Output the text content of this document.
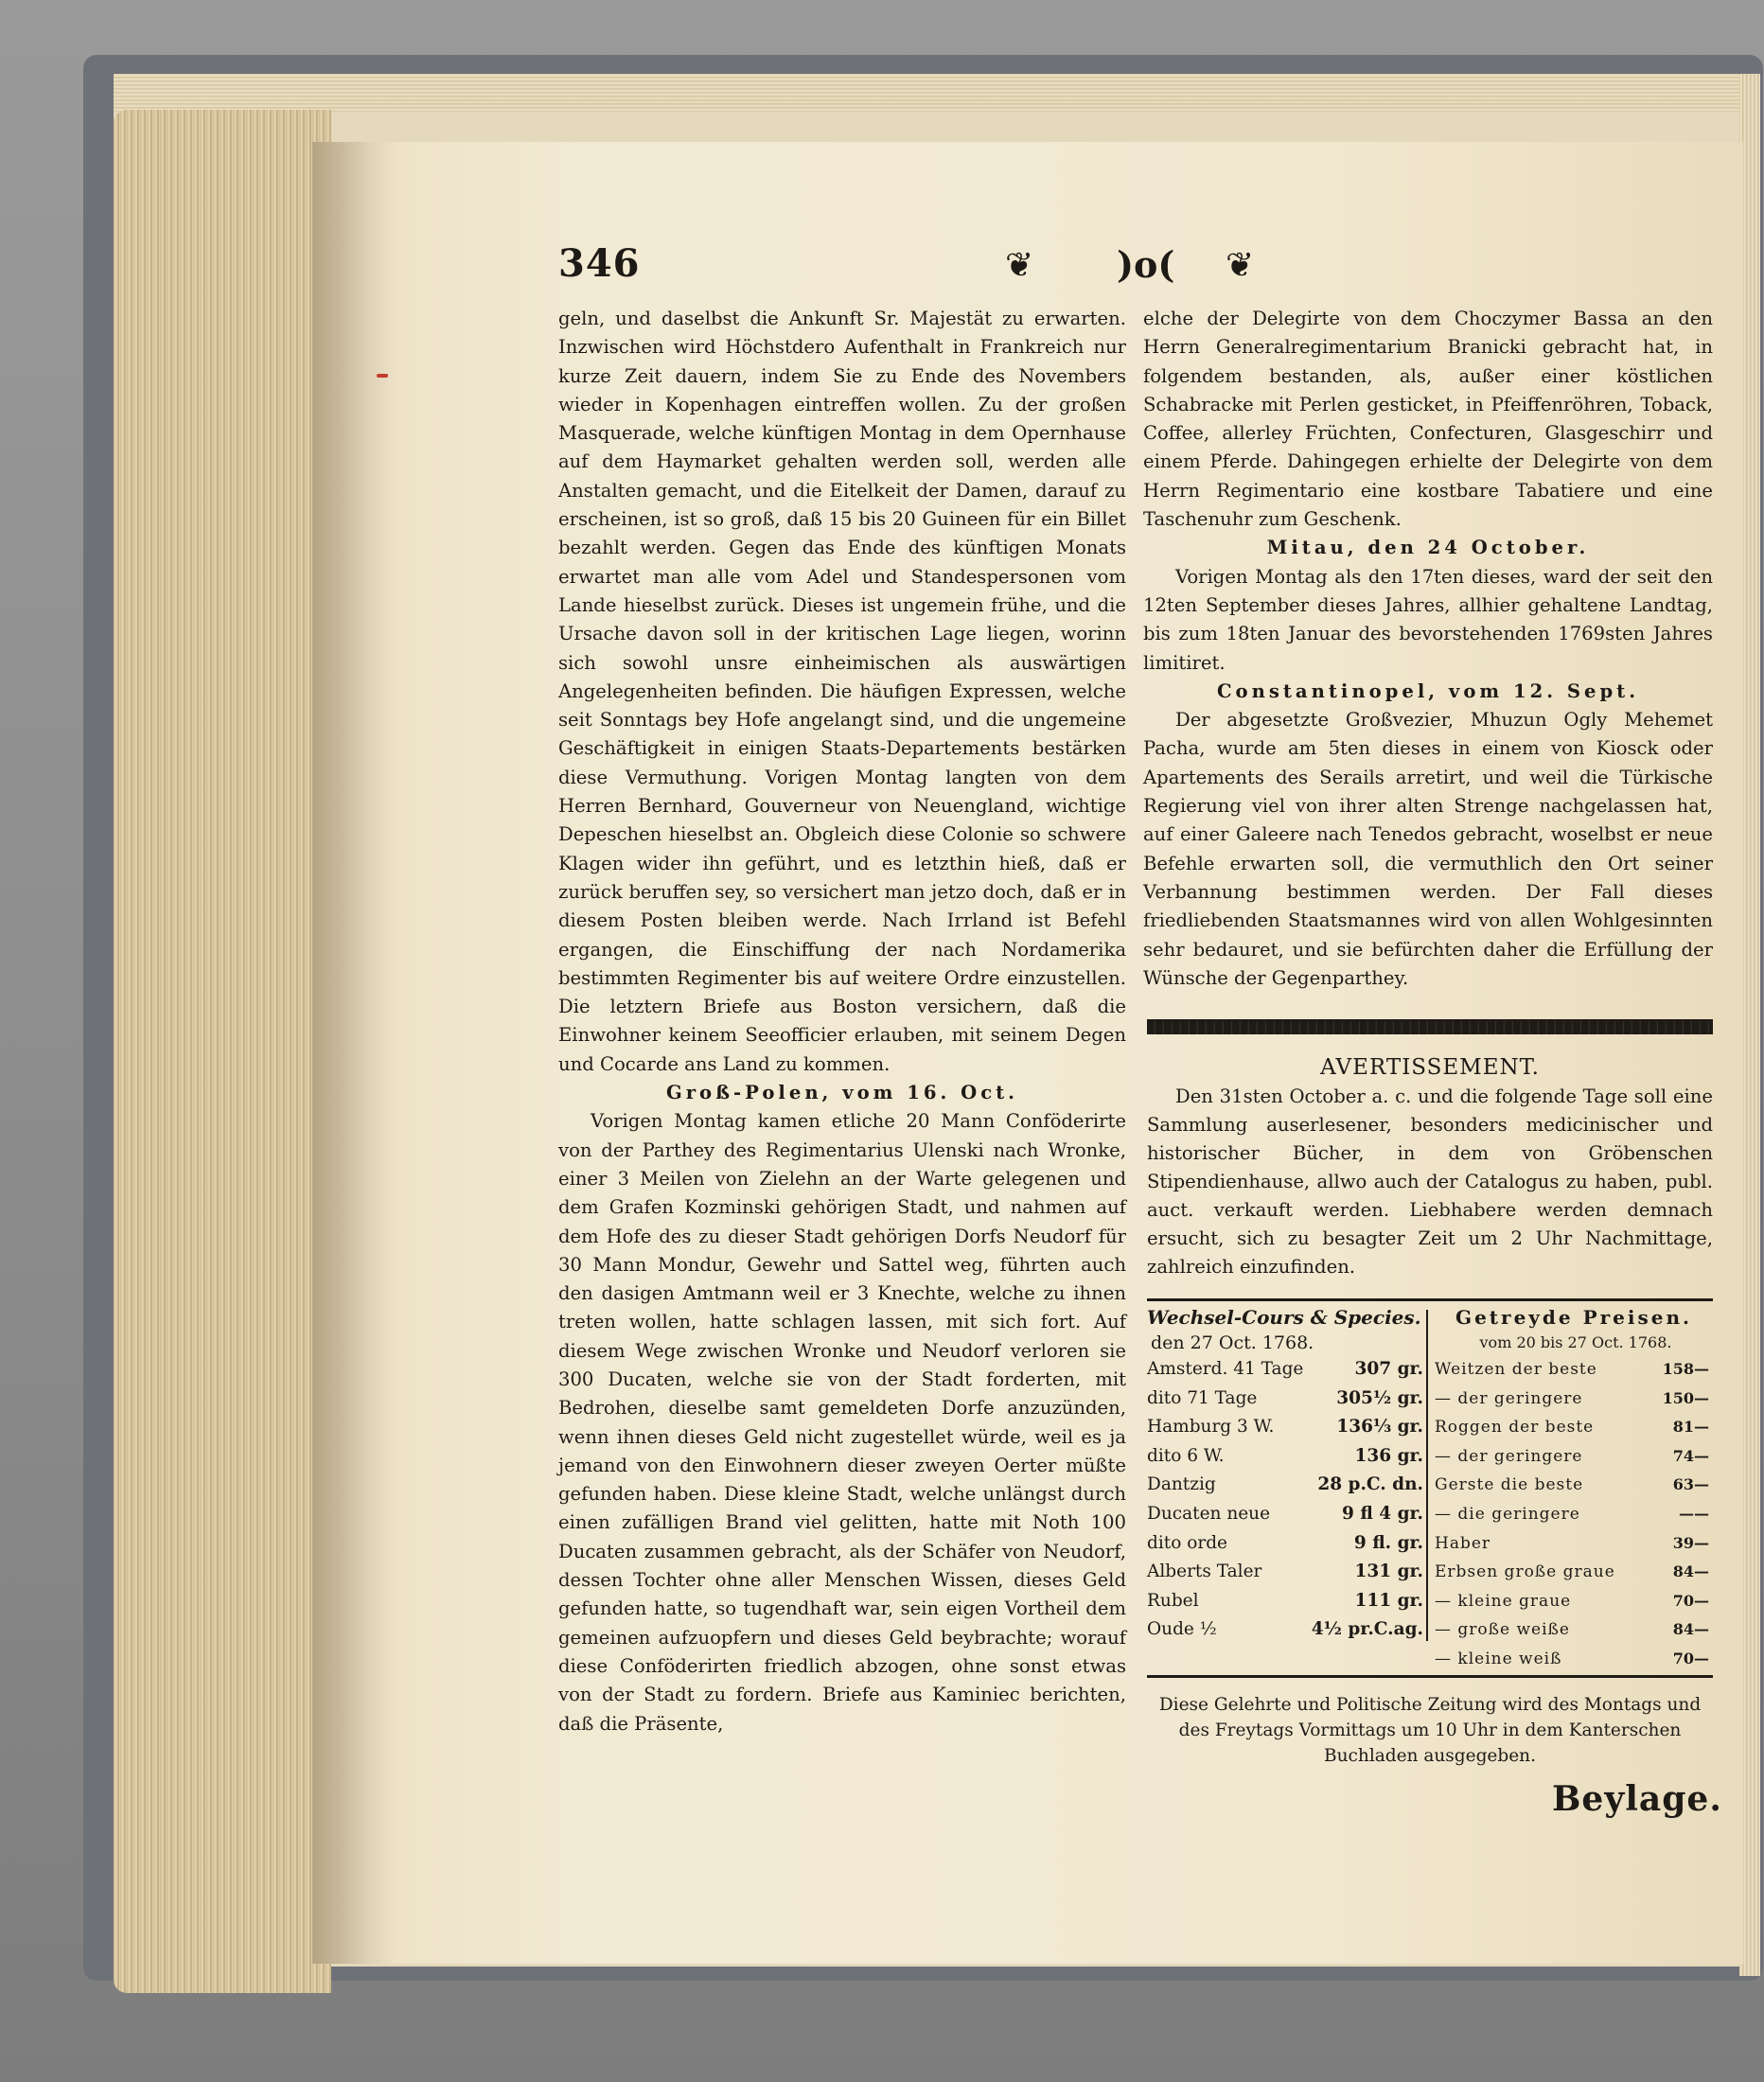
346	❦ )o( ❦

geln, und daselbst die Ankunft Sr. Majestät zu erwarten. Inzwischen wird Höchstdero Aufenthalt in Frankreich nur kurze Zeit dauern, indem Sie zu Ende des Novembers wieder in Kopenhagen eintreffen wollen. Zu der großen Masquerade, welche künftigen Montag in dem Opernhause auf dem Haymarket gehalten werden soll, werden alle Anstalten gemacht, und die Eitelkeit der Damen, darauf zu erscheinen, ist so groß, daß 15 bis 20 Guineen für ein Billet bezahlt werden. Gegen das Ende des künftigen Monats erwartet man alle vom Adel und Standespersonen vom Lande hieselbst zurück. Dieses ist ungemein frühe, und die Ursache davon soll in der kritischen Lage liegen, worinn sich sowohl unsre einheimischen als auswärtigen Angelegenheiten befinden. Die häufigen Expressen, welche seit Sonntags bey Hofe angelangt sind, und die ungemeine Geschäftigkeit in einigen Staats-Departements bestärken diese Vermuthung. Vorigen Montag langten von dem Herren Bernhard, Gouverneur von Neuengland, wichtige Depeschen hieselbst an. Obgleich diese Colonie so schwere Klagen wider ihn geführt, und es letzthin hieß, daß er zurück beruffen sey, so versichert man jetzo doch, daß er in diesem Posten bleiben werde. Nach Irrland ist Befehl ergangen, die Einschiffung der nach Nordamerika bestimmten Regimenter bis auf weitere Ordre einzustellen. Die letztern Briefe aus Boston versichern, daß die Einwohner keinem Seeofficier erlauben, mit seinem Degen und Cocarde ans Land zu kommen.

Groß-Polen, vom 16. Oct.

Vorigen Montag kamen etliche 20 Mann Conföderirte von der Parthey des Regimentarius Ulenski nach Wronke, einer 3 Meilen von Zielehn an der Warte gelegenen und dem Grafen Kozminski gehörigen Stadt, und nahmen auf dem Hofe des zu dieser Stadt gehörigen Dorfs Neudorf für 30 Mann Mondur, Gewehr und Sattel weg, führten auch den dasigen Amtmann weil er 3 Knechte, welche zu ihnen treten wollen, hatte schlagen lassen, mit sich fort. Auf diesem Wege zwischen Wronke und Neudorf verloren sie 300 Ducaten, welche sie von der Stadt forderten, mit Bedrohen, dieselbe samt gemeldeten Dorfe anzuzünden, wenn ihnen dieses Geld nicht zugestellet würde, weil es ja jemand von den Einwohnern dieser zweyen Oerter müßte gefunden haben. Diese kleine Stadt, welche unlängst durch einen zufälligen Brand viel gelitten, hatte mit Noth 100 Ducaten zusammen gebracht, als der Schäfer von Neudorf, dessen Tochter ohne aller Menschen Wissen, dieses Geld gefunden hatte, so tugendhaft war, sein eigen Vortheil dem gemeinen aufzuopfern und dieses Geld beybrachte; worauf diese Conföderirten friedlich abzogen, ohne sonst etwas von der Stadt zu fordern. Briefe aus Kaminiec berichten, daß die Präsente,

elche der Delegirte von dem Choczymer Bassa an den Herrn Generalregimentarium Branicki gebracht hat, in folgendem bestanden, als, außer einer köstlichen Schabracke mit Perlen gesticket, in Pfeiffenröhren, Toback, Coffee, allerley Früchten, Confecturen, Glasgeschirr und einem Pferde. Dahingegen erhielte der Delegirte von dem Herrn Regimentario eine kostbare Tabatiere und eine Taschenuhr zum Geschenk.

Mitau, den 24 October.

Vorigen Montag als den 17ten dieses, ward der seit den 12ten September dieses Jahres, allhier gehaltene Landtag, bis zum 18ten Januar des bevorstehenden 1769sten Jahres limitiret.

Constantinopel, vom 12. Sept.

Der abgesetzte Großvezier, Mhuzun Ogly Mehemet Pacha, wurde am 5ten dieses in einem von Kiosck oder Apartements des Serails arretirt, und weil die Türkische Regierung viel von ihrer alten Strenge nachgelassen hat, auf einer Galeere nach Tenedos gebracht, woselbst er neue Befehle erwarten soll, die vermuthlich den Ort seiner Verbannung bestimmen werden. Der Fall dieses friedliebenden Staatsmannes wird von allen Wohlgesinnten sehr bedauret, und sie befürchten daher die Erfüllung der Wünsche der Gegenparthey.

AVERTISSEMENT.

Den 31sten October a. c. und die folgende Tage soll eine Sammlung auserlesener, besonders medicinischer und historischer Bücher, in dem von Gröbenschen Stipendienhause, allwo auch der Catalogus zu haben, publ. auct. verkauft werden. Liebhabere werden demnach ersucht, sich zu besagter Zeit um 2 Uhr Nachmittage, zahlreich einzufinden.

Wechsel-Cours & Species.
den 27 Oct. 1768.
Amsterd. 41 Tage	307 gr.
dito 71 Tage	305½ gr.
Hamburg 3 W.	136⅓ gr.
dito 6 W.	136 gr.
Dantzig	28 p.C. dn.
Ducaten neue	9 fl 4 gr.
dito orde	9 fl. gr.
Alberts Taler	131 gr.
Rubel	111 gr.
Oude ⅟₂	4½ pr.C.ag.
Getreyde Preisen.
vom 20 bis 27 Oct. 1768.
Weitzen der beste	158—
— der geringere	150—
Roggen der beste	81—
— der geringere	74—
Gerste die beste	63—
— die geringere	——
Haber	39—
Erbsen große graue	84—
— kleine graue	70—
— große weiße	84—
— kleine weiß	70—
Diese Gelehrte und Politische Zeitung wird des Montags und des Freytags Vormittags um 10 Uhr in dem Kanterschen Buchladen ausgegeben.
Beylage.
